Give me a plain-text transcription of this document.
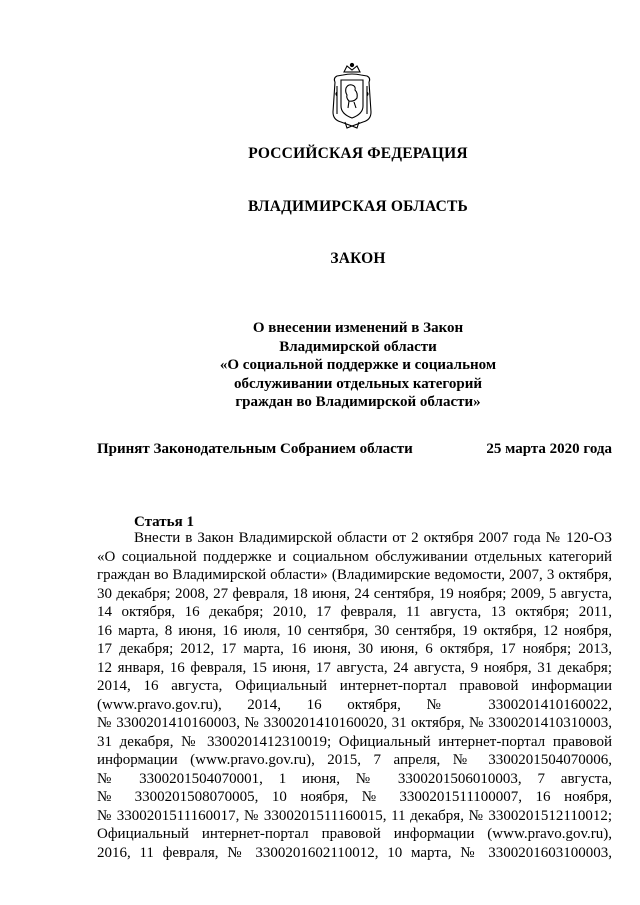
РОССИЙСКАЯ ФЕДЕРАЦИЯ
ВЛАДИМИРСКАЯ ОБЛАСТЬ
ЗАКОН
О внесении изменений в Закон
Владимирской области
«О социальной поддержке и социальном
обслуживании отдельных категорий
граждан во Владимирской области»
Принят Законодательным Собранием области	25 марта 2020 года
Статья 1
Внести в Закон Владимирской области от 2 октября 2007 года № 120-ОЗ
«О социальной поддержке и социальном обслуживании отдельных категорий
граждан во Владимирской области» (Владимирские ведомости, 2007, 3 октября,
30 декабря; 2008, 27 февраля, 18 июня, 24 сентября, 19 ноября; 2009, 5 августа,
14 октября, 16 декабря; 2010, 17 февраля, 11 августа, 13 октября; 2011,
16 марта, 8 июня, 16 июля, 10 сентября, 30 сентября, 19 октября, 12 ноября,
17 декабря; 2012, 17 марта, 16 июня, 30 июня, 6 октября, 17 ноября; 2013,
12 января, 16 февраля, 15 июня, 17 августа, 24 августа, 9 ноября, 31 декабря;
2014, 16 августа, Официальный интернет-портал правовой информации
(www.pravo.gov.ru), 2014, 16 октября, № 3300201410160022,
№ 3300201410160003, № 3300201410160020, 31 октября, № 3300201410310003,
31 декабря, № 3300201412310019; Официальный интернет-портал правовой
информации (www.pravo.gov.ru), 2015, 7 апреля, № 3300201504070006,
№ 3300201504070001, 1 июня, № 3300201506010003, 7 августа,
№ 3300201508070005, 10 ноября, № 3300201511100007, 16 ноября,
№ 3300201511160017, № 3300201511160015, 11 декабря, № 3300201512110012;
Официальный интернет-портал правовой информации (www.pravo.gov.ru),
2016, 11 февраля, № 3300201602110012, 10 марта, № 3300201603100003,
